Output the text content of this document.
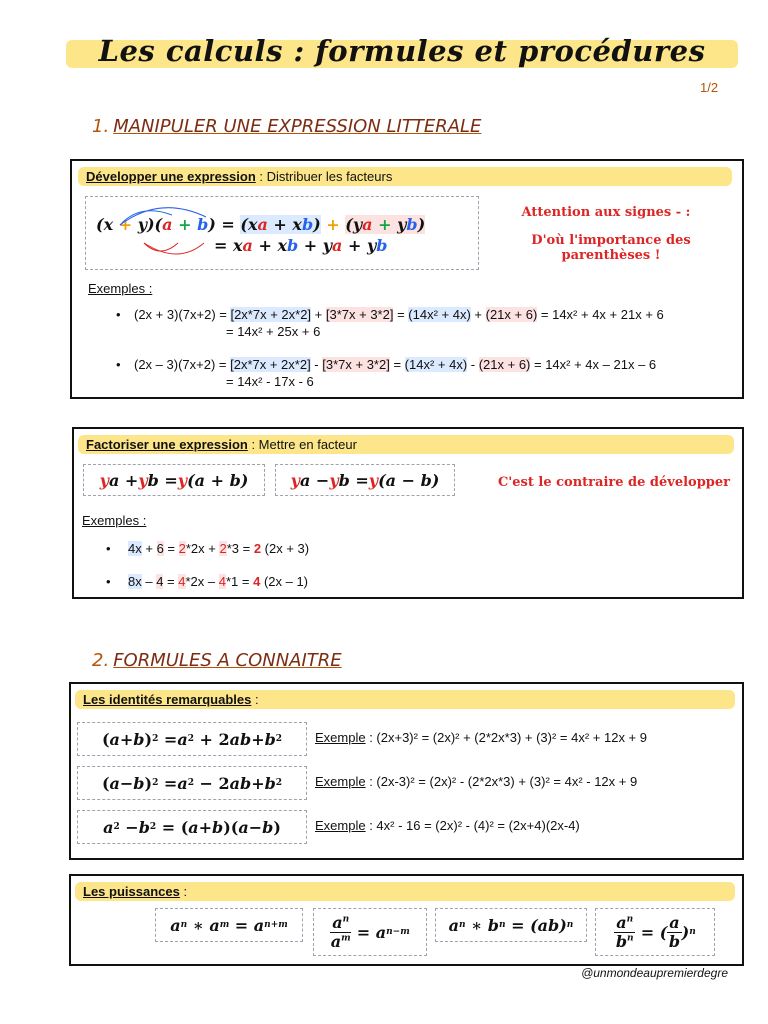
Les calculs : formules et procédures
1/2
1. MANIPULER UNE EXPRESSION LITTERALE
Développer une expression : Distribuer les facteurs
(x + y)(a + b) = (xa + xb) + (ya + yb)
= xa + xb + ya + yb
Attention aux signes - :
D'où l'importance des parenthèses !
Exemples :
• (2x + 3)(7x+2) = [2x*7x + 2x*2] + [3*7x + 3*2] = (14x² + 4x) + (21x + 6) = 14x² + 4x + 21x + 6
= 14x² + 25x + 6
• (2x – 3)(7x+2) = [2x*7x + 2x*2] - [3*7x + 3*2] = (14x² + 4x) - (21x + 6) = 14x² + 4x – 21x – 6
= 14x² - 17x - 6
Factoriser une expression : Mettre en facteur
y a + y b = y (a + b)	y a − y b = y (a − b)	C'est le contraire de développer
Exemples :
• 4x + 6 = 2*2x + 2*3 = 2 (2x + 3)
• 8x – 4 = 4*2x – 4*1 = 4 (2x – 1)
2. FORMULES A CONNAITRE
Les identités remarquables :
( a + b ) 2 = a 2 + 2 ab + b 2	Exemple : (2x+3)² = (2x)² + (2*2x*3) + (3)² = 4x² + 12x + 9
( a − b ) 2 = a 2 − 2 ab + b 2	Exemple : (2x-3)² = (2x)² - (2*2x*3) + (3)² = 4x² - 12x + 9
a 2 − b 2 = ( a + b )( a − b )	Exemple : 4x² - 16 = (2x)² - (4)² = (2x+4)(2x-4)
Les puissances :
a n ∗ a m = a n+m	$\frac{a^n}{a^m} = a$ n−m	a n ∗ b n = (ab) n	$\frac{a^n}{b^n}$ = ( $\frac{a}{b}$ ) n
@unmondeaupremierdegre
